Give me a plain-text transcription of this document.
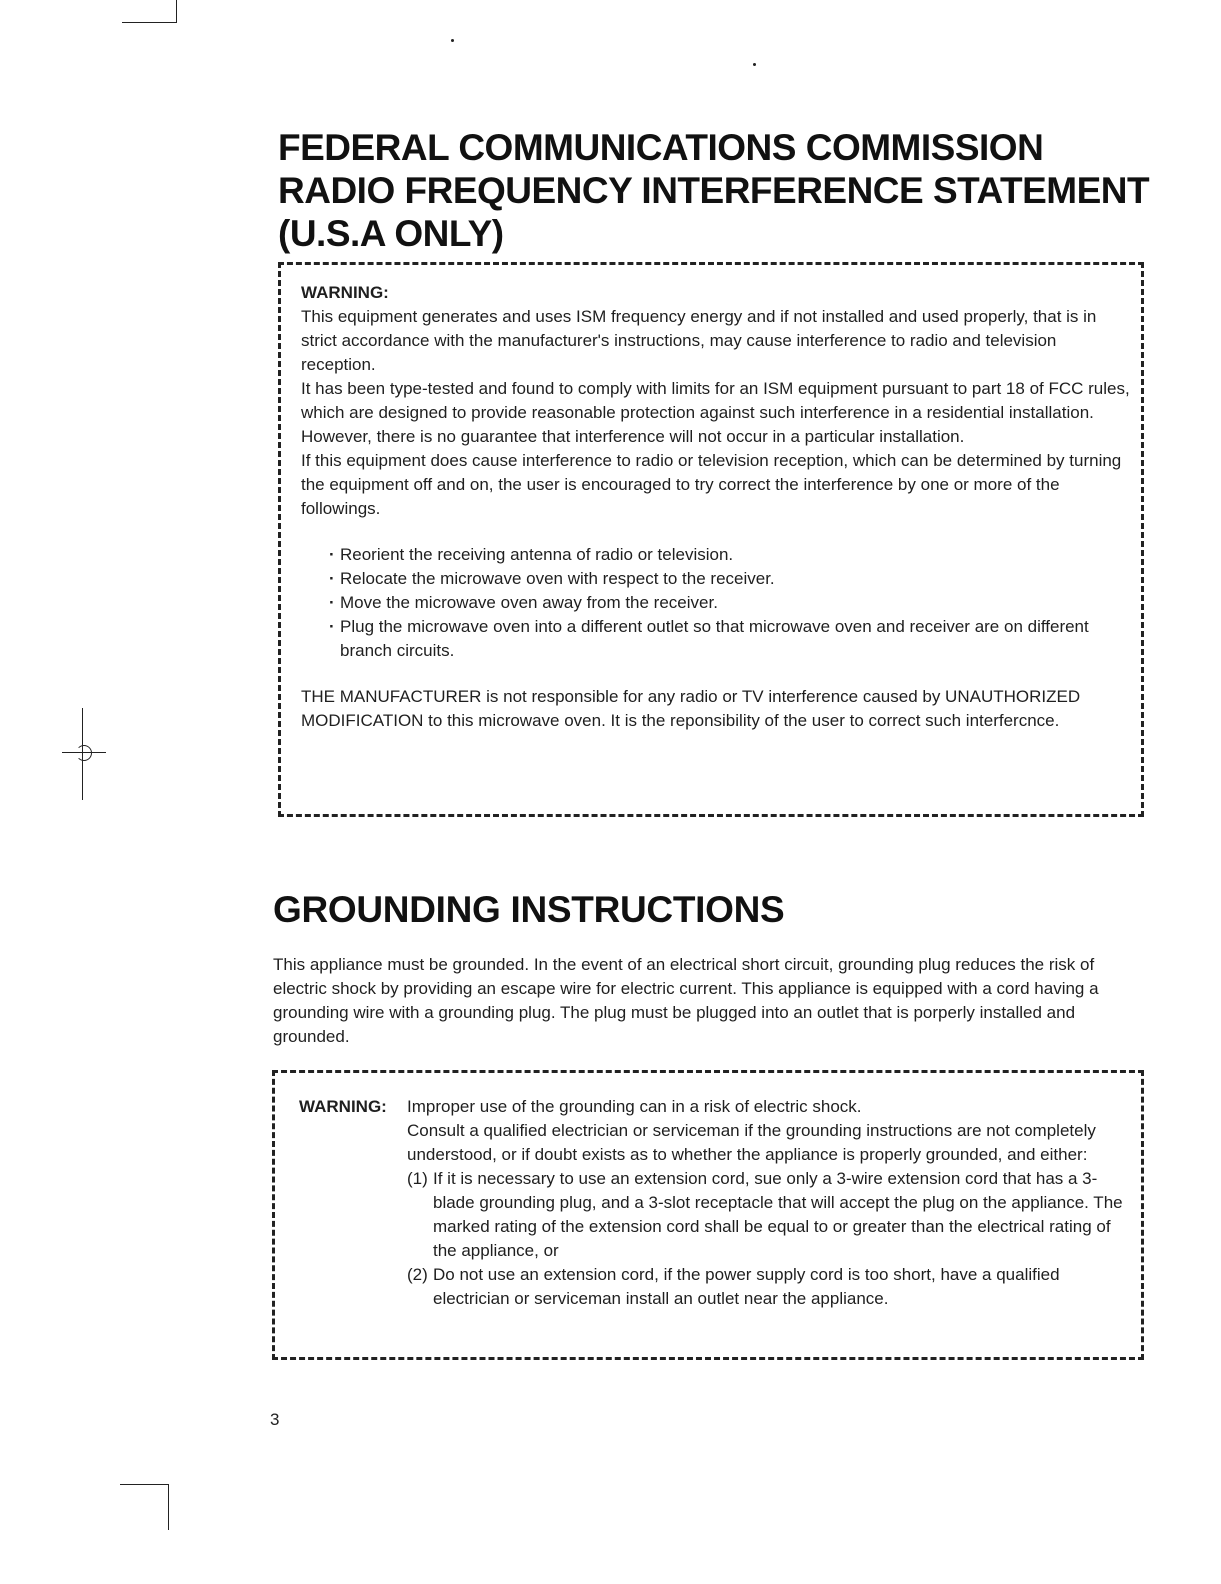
FEDERAL COMMUNICATIONS COMMISSION
RADIO FREQUENCY INTERFERENCE STATEMENT
(U.S.A ONLY)

WARNING:

This equipment generates and uses ISM frequency energy and if not installed and used properly, that is in strict accordance with the manufacturer's instructions, may cause interference to radio and television reception.

It has been type-tested and found to comply with limits for an ISM equipment pursuant to part 18 of FCC rules, which are designed to provide reasonable protection against such interference in a residential installation.

However, there is no guarantee that interference will not occur in a particular installation.

If this equipment does cause interference to radio or television reception, which can be determined by turning the equipment off and on, the user is encouraged to try correct the interference by one or more of the followings.

· Reorient the receiving antenna of radio or television.
· Relocate the microwave oven with respect to the receiver.
· Move the microwave oven away from the receiver.
· Plug the microwave oven into a different outlet so that microwave oven and receiver are on different branch circuits.

THE MANUFACTURER is not responsible for any radio or TV interference caused by UNAUTHORIZED MODIFICATION to this microwave oven. It is the reponsibility of the user to correct such interfercnce.

GROUNDING INSTRUCTIONS

This appliance must be grounded. In the event of an electrical short circuit, grounding plug reduces the risk of electric shock by providing an escape wire for electric current. This appliance is equipped with a cord having a grounding wire with a grounding plug. The plug must be plugged into an outlet that is porperly installed and grounded.

WARNING:	Improper use of the grounding can in a risk of electric shock.

Consult a qualified electrician or serviceman if the grounding instructions are not completely understood, or if doubt exists as to whether the appliance is properly grounded, and either:

(1) If it is necessary to use an extension cord, sue only a 3-wire extension cord that has a 3-blade grounding plug, and a 3-slot receptacle that will accept the plug on the appliance. The marked rating of the extension cord shall be equal to or greater than the electrical rating of the appliance, or
(2) Do not use an extension cord, if the power supply cord is too short, have a qualified electrician or serviceman install an outlet near the appliance.
3
